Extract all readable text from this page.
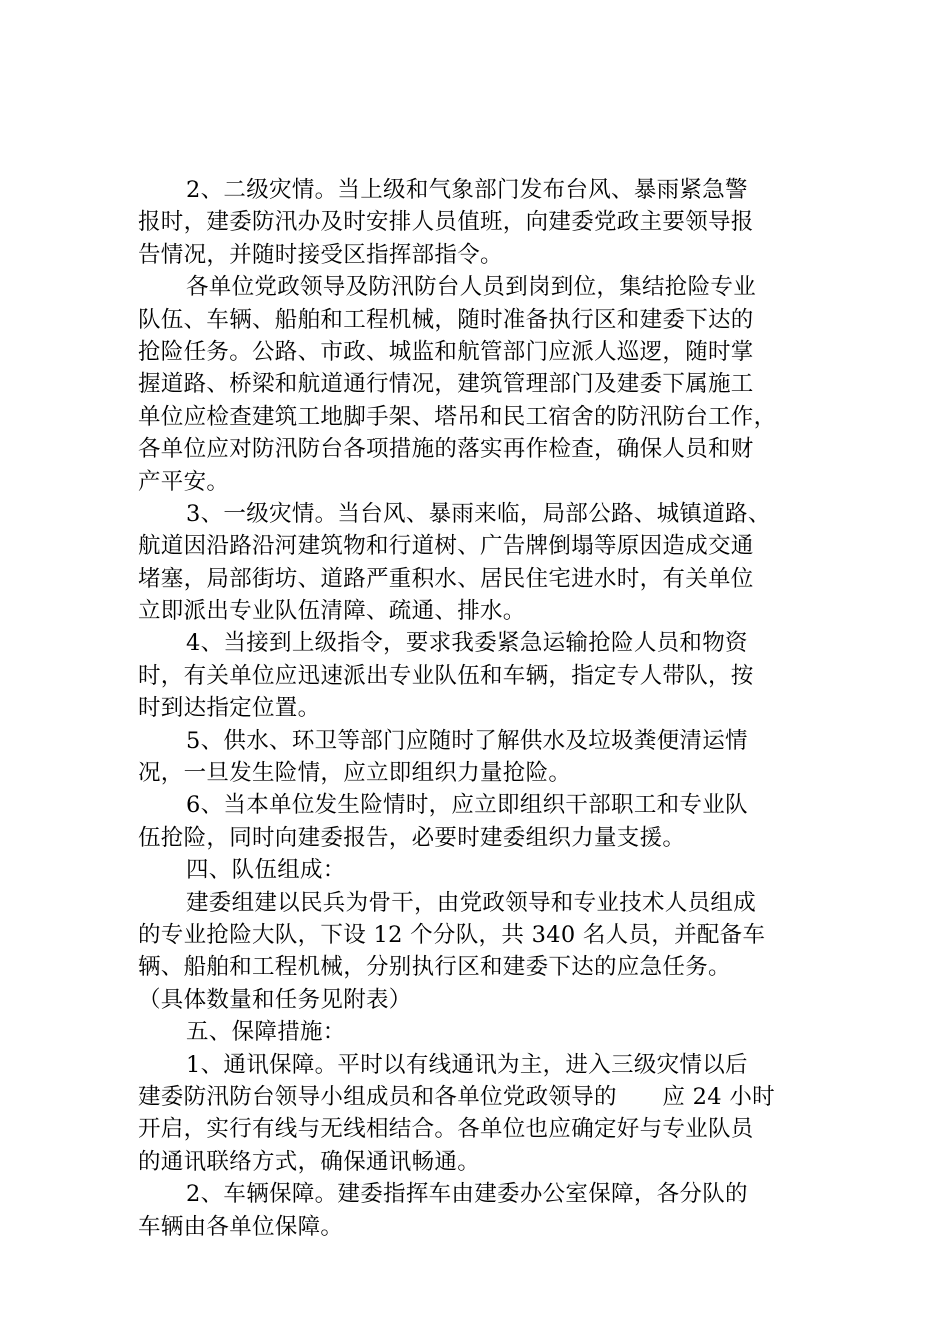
2、二级灾情。当上级和气象部门发布台风、暴雨紧急警
报时，建委防汛办及时安排人员值班，向建委党政主要领导报
告情况，并随时接受区指挥部指令。
各单位党政领导及防汛防台人员到岗到位，集结抢险专业
队伍、车辆、船舶和工程机械，随时准备执行区和建委下达的
抢险任务。公路、市政、城监和航管部门应派人巡逻，随时掌
握道路、桥梁和航道通行情况，建筑管理部门及建委下属施工
单位应检查建筑工地脚手架、塔吊和民工宿舍的防汛防台工作，
各单位应对防汛防台各项措施的落实再作检查，确保人员和财
产平安。
3、一级灾情。当台风、暴雨来临，局部公路、城镇道路、
航道因沿路沿河建筑物和行道树、广告牌倒塌等原因造成交通
堵塞，局部街坊、道路严重积水、居民住宅进水时，有关单位
立即派出专业队伍清障、疏通、排水。
4、当接到上级指令，要求我委紧急运输抢险人员和物资
时，有关单位应迅速派出专业队伍和车辆，指定专人带队，按
时到达指定位置。
5、供水、环卫等部门应随时了解供水及垃圾粪便清运情
况，一旦发生险情，应立即组织力量抢险。
6、当本单位发生险情时，应立即组织干部职工和专业队
伍抢险，同时向建委报告，必要时建委组织力量支援。
四、队伍组成：
建委组建以民兵为骨干，由党政领导和专业技术人员组成
的专业抢险大队，下设 12 个分队，共 340 名人员，并配备车
辆、船舶和工程机械，分别执行区和建委下达的应急任务。
（具体数量和任务见附表）
五、保障措施：
1、通讯保障。平时以有线通讯为主，进入三级灾情以后
建委防汛防台领导小组成员和各单位党政领导的　　应 24 小时
开启，实行有线与无线相结合。各单位也应确定好与专业队员
的通讯联络方式，确保通讯畅通。
2、车辆保障。建委指挥车由建委办公室保障，各分队的
车辆由各单位保障。
